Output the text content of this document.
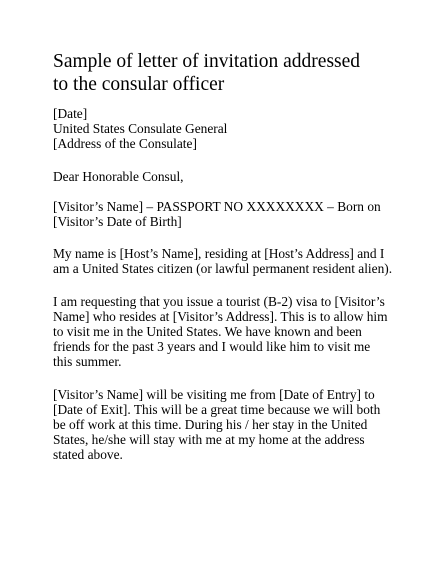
Sample of letter of invitation addressed
to the consular officer
[Date]
United States Consulate General
[Address of the Consulate]
Dear Honorable Consul,
[Visitor’s Name] – PASSPORT NO XXXXXXXX – Born on
[Visitor’s Date of Birth]
My name is [Host’s Name], residing at [Host’s Address] and I
am a United States citizen (or lawful permanent resident alien).
I am requesting that you issue a tourist (B-2) visa to [Visitor’s
Name] who resides at [Visitor’s Address]. This is to allow him
to visit me in the United States. We have known and been
friends for the past 3 years and I would like him to visit me
this summer.
[Visitor’s Name] will be visiting me from [Date of Entry] to
[Date of Exit]. This will be a great time because we will both
be off work at this time. During his / her stay in the United
States, he/she will stay with me at my home at the address
stated above.
